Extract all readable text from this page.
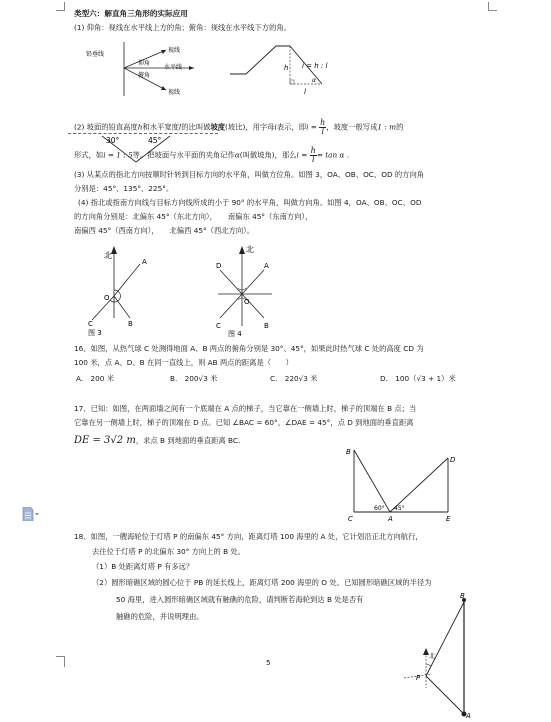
类型六：解直角三角形的实际应用
(1) 仰角：视线在水平线上方的角；俯角：视线在水平线下方的角。
铅垂线
视线
水平线
视线
仰角
俯角
h i = h : l
l
α
(2) 坡面的铅直高度h和水平宽度l的比叫做坡度(坡比)，用字母i表示，即$i = \frac{h}{l}$ ，坡度一般写成1 : m的
30°	45°
形式，如i = 1 : 5等。把坡面与水平面的夹角记作α(叫做坡角)，那么$i = \frac{h}{l} = \tan \alpha$ .
(3) 从某点的指北方向按顺时针转到目标方向的水平角，叫做方位角。如图 3，OA、OB、OC、OD 的方向角
分别是：45°、135°、225°。
(4) 指北或指南方向线与目标方向线所成的小于 90° 的水平角，叫做方向角。如图 4，OA、OB、OC、OD
的方向角分别是：北偏东 45°（东北方向），　　南偏东 45°（东南方向），
南偏西 45°（西南方向），　　北偏西 45°（西北方向）。
北
O
A
B
C
图 3
北
O
A
B
C
D
图 4
16、如图，从热气球 C 处测得地面 A、B 两点的俯角分别是 30°、45°，如果此时热气球 C 处的高度 CD 为
100 米，点 A、D、B 在同一直线上，则 AB 两点的距离是（　　）
A.　200 米	B.　200√3 米	C.　220√3 米	D.　100（√3 + 1）米
17、已知：如图，在两面墙之间有一个底端在 A 点的梯子，当它靠在一侧墙上时，梯子的顶端在 B 点；当
它靠在另一侧墙上时，梯子的顶端在 D 点。已知 ∠BAC = 60°，∠DAE = 45°，点 D 到地面的垂直距离
DE = 3√2 m，求点 B 到地面的垂直距离 BC.
B
D
C	A	E
60° 45°
18、如图，一艘海轮位于灯塔 P 的南偏东 45° 方向，距离灯塔 100 海里的 A 处，它计划沿正北方向航行，
去往位于灯塔 P 的北偏东 30° 方向上的 B 处。
（1）B 处距离灯塔 P 有多远？
（2）圆形暗礁区域的圆心位于 PB 的延长线上，距离灯塔 200 海里的 O 处。已知圆形暗礁区域的半径为
50 海里，进入圆形暗礁区域就有触礁的危险，请判断若海轮到达 B 处是否有
触礁的危险，并说明理由。
B
P
A
北
5
